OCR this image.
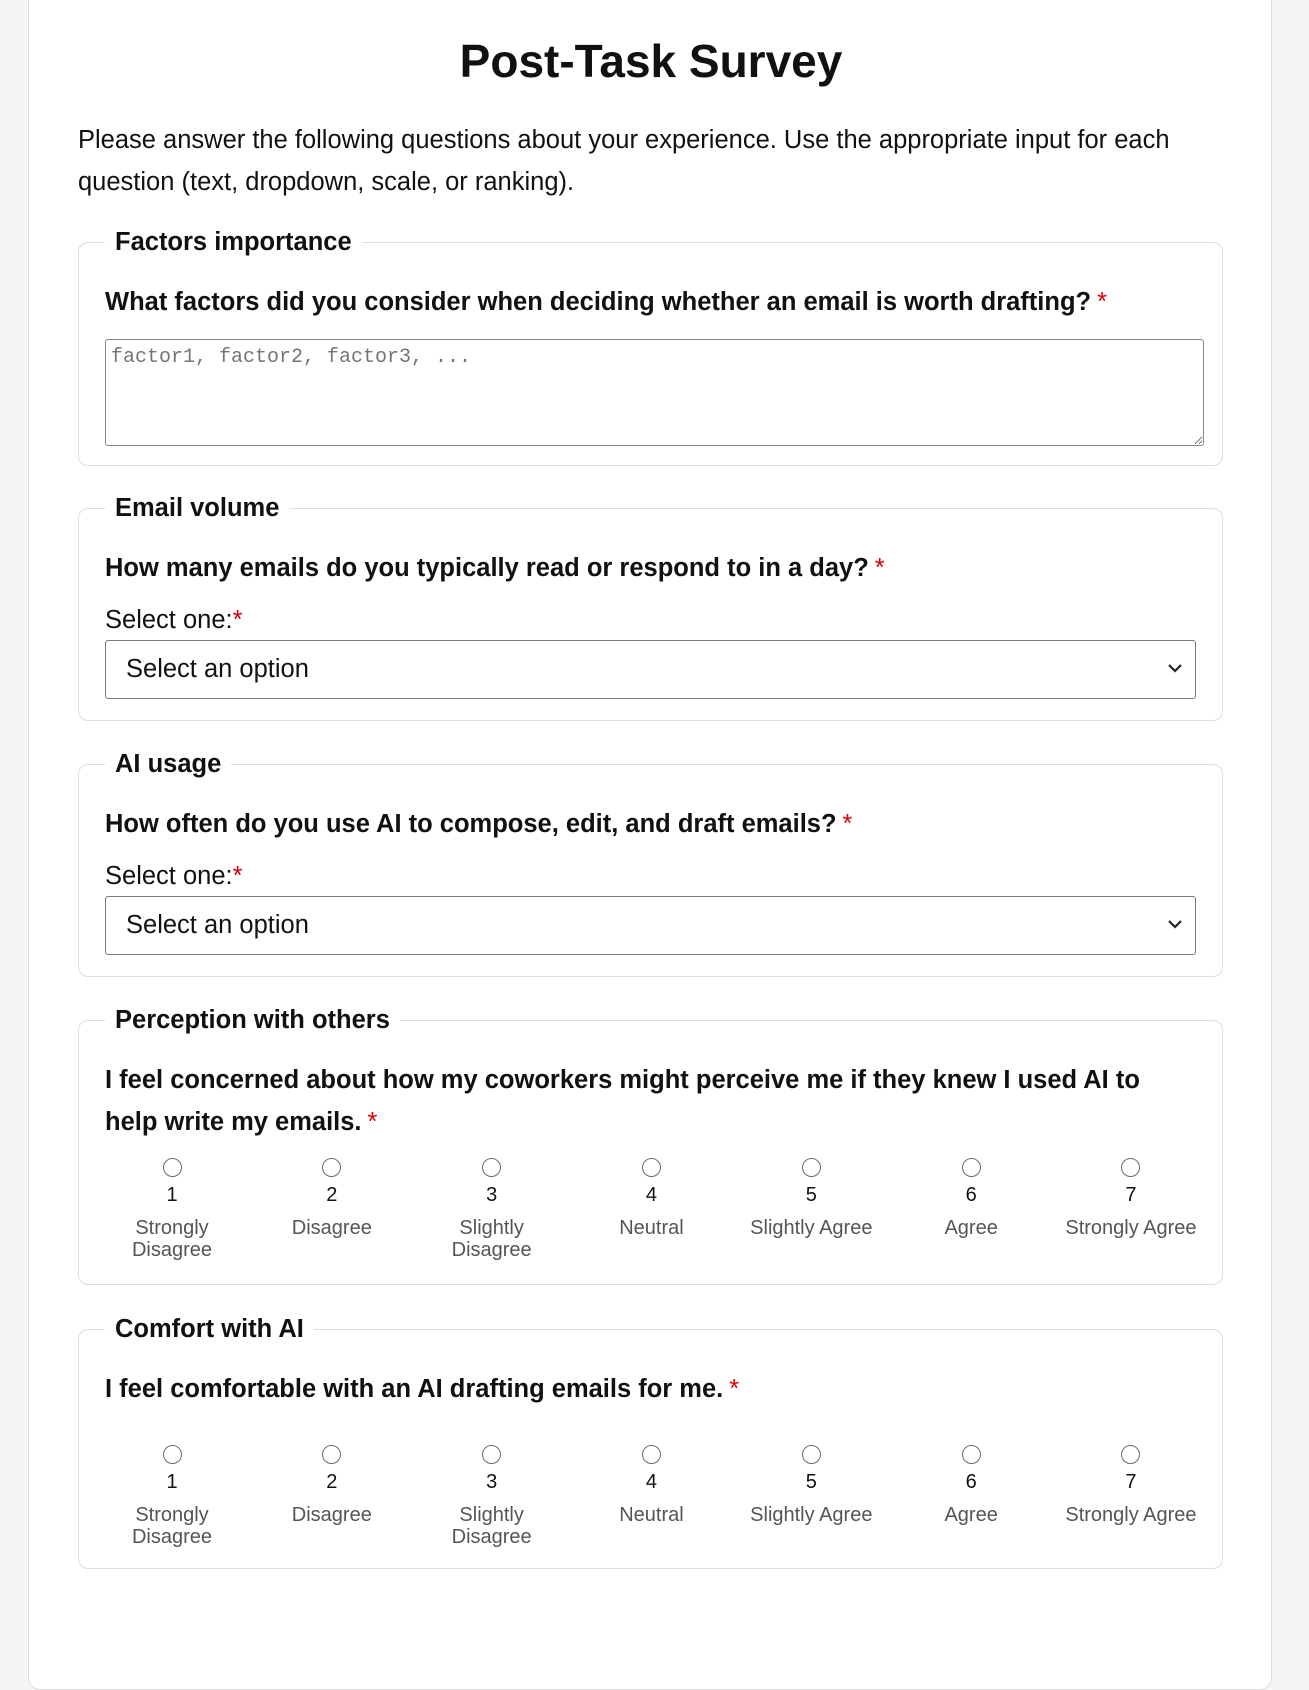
Post-Task Survey

Please answer the following questions about your experience. Use the appropriate input for each question (text, dropdown, scale, or ranking).

Factors importance

What factors did you consider when deciding whether an email is worth drafting? *

factor1, factor2, factor3, ...
Email volume

How many emails do you typically read or respond to in a day? *

Select one:*
Select an option
AI usage

How often do you use AI to compose, edit, and draft emails? *

Select one:*
Select an option
Perception with others

I feel concerned about how my coworkers might perceive me if they knew I used AI to help write my emails. *

1
Strongly Disagree
2
Disagree
3
Slightly Disagree
4
Neutral
5
Slightly Agree
6
Agree
7
Strongly Agree
Comfort with AI

I feel comfortable with an AI drafting emails for me. *

1
Strongly Disagree
2
Disagree
3
Slightly Disagree
4
Neutral
5
Slightly Agree
6
Agree
7
Strongly Agree
